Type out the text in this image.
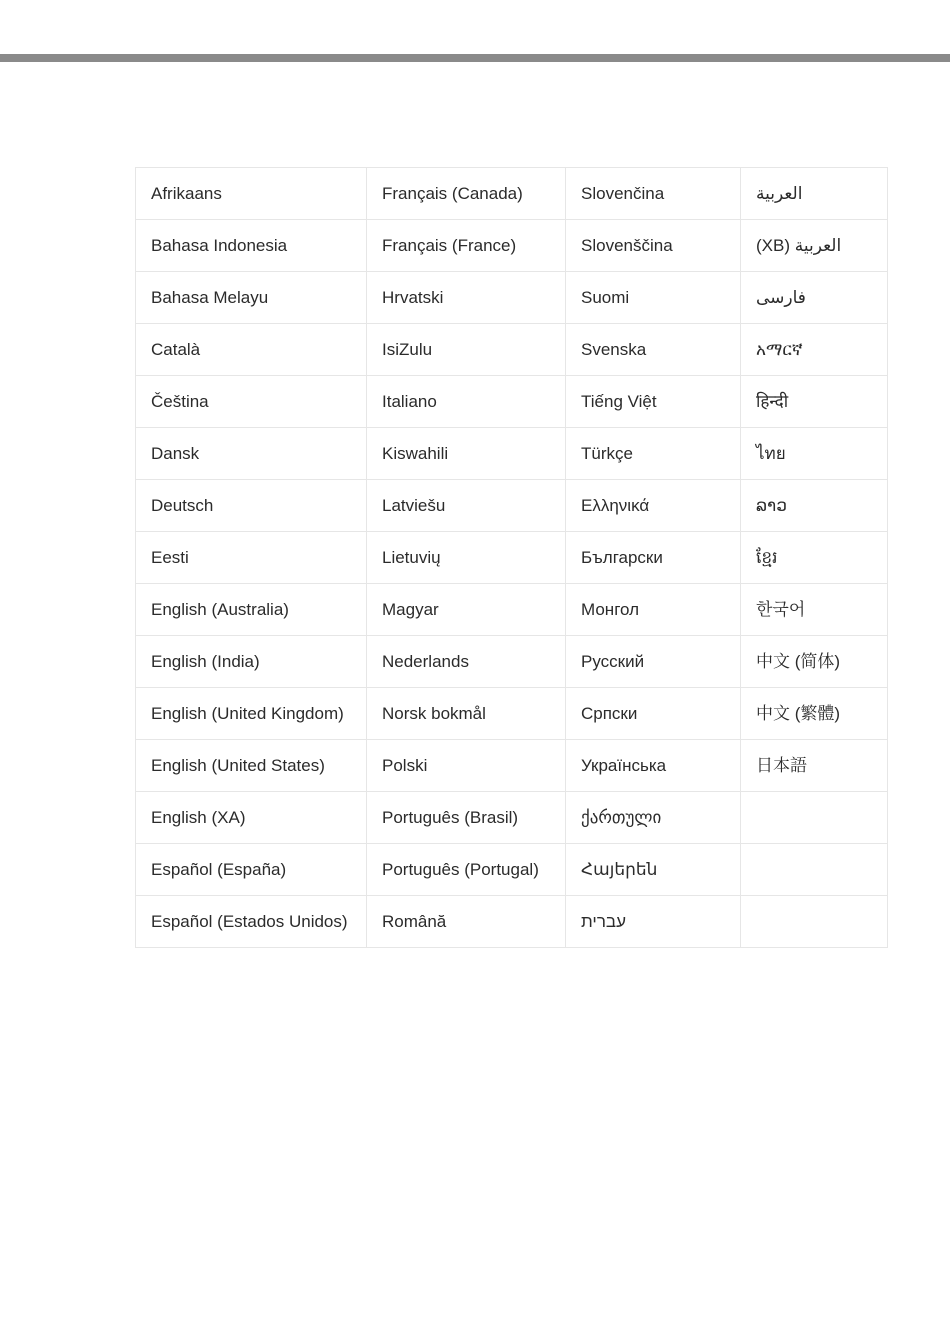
Afrikaans	Français (Canada)	Slovenčina	العربية
Bahasa Indonesia	Français (France)	Slovenščina	(XB) العربية
Bahasa Melayu	Hrvatski	Suomi	فارسی
Català	IsiZulu	Svenska	አማርኛ
Čeština	Italiano	Tiếng Việt	हिन्दी
Dansk	Kiswahili	Türkçe	ไทย
Deutsch	Latviešu	Ελληνικά	ລາວ
Eesti	Lietuvių	Български	ខ្មែរ
English (Australia)	Magyar	Монгол	한국어
English (India)	Nederlands	Русский	中文 (简体)
English (United Kingdom)	Norsk bokmål	Српски	中文 (繁體)
English (United States)	Polski	Українська	日本語
English (XA)	Português (Brasil)	ქართული	
Español (España)	Português (Portugal)	Հայերեն	
Español (Estados Unidos)	Română	עברית	
